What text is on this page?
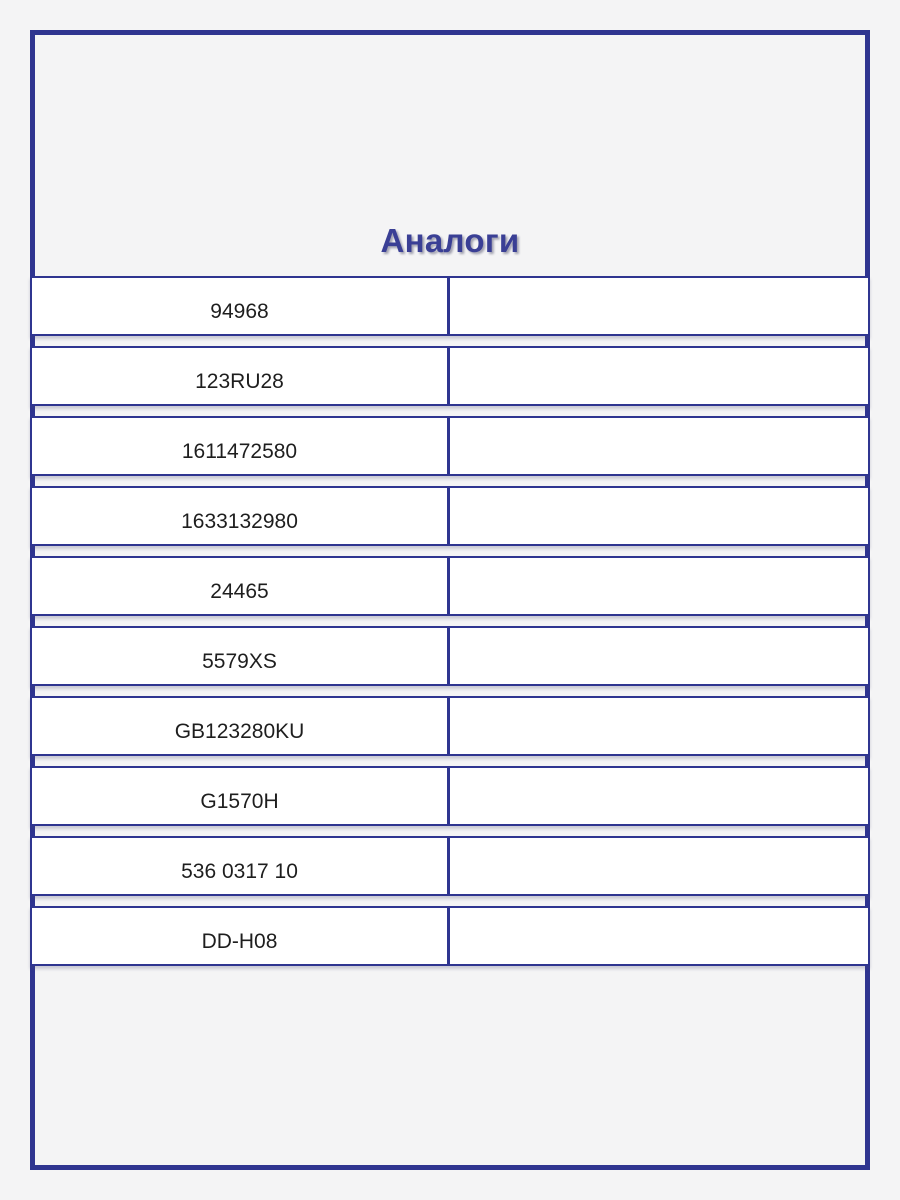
Аналоги
94968
123RU28
1611472580
1633132980
24465
5579XS
GB123280KU
G1570H
536 0317 10
DD-H08
